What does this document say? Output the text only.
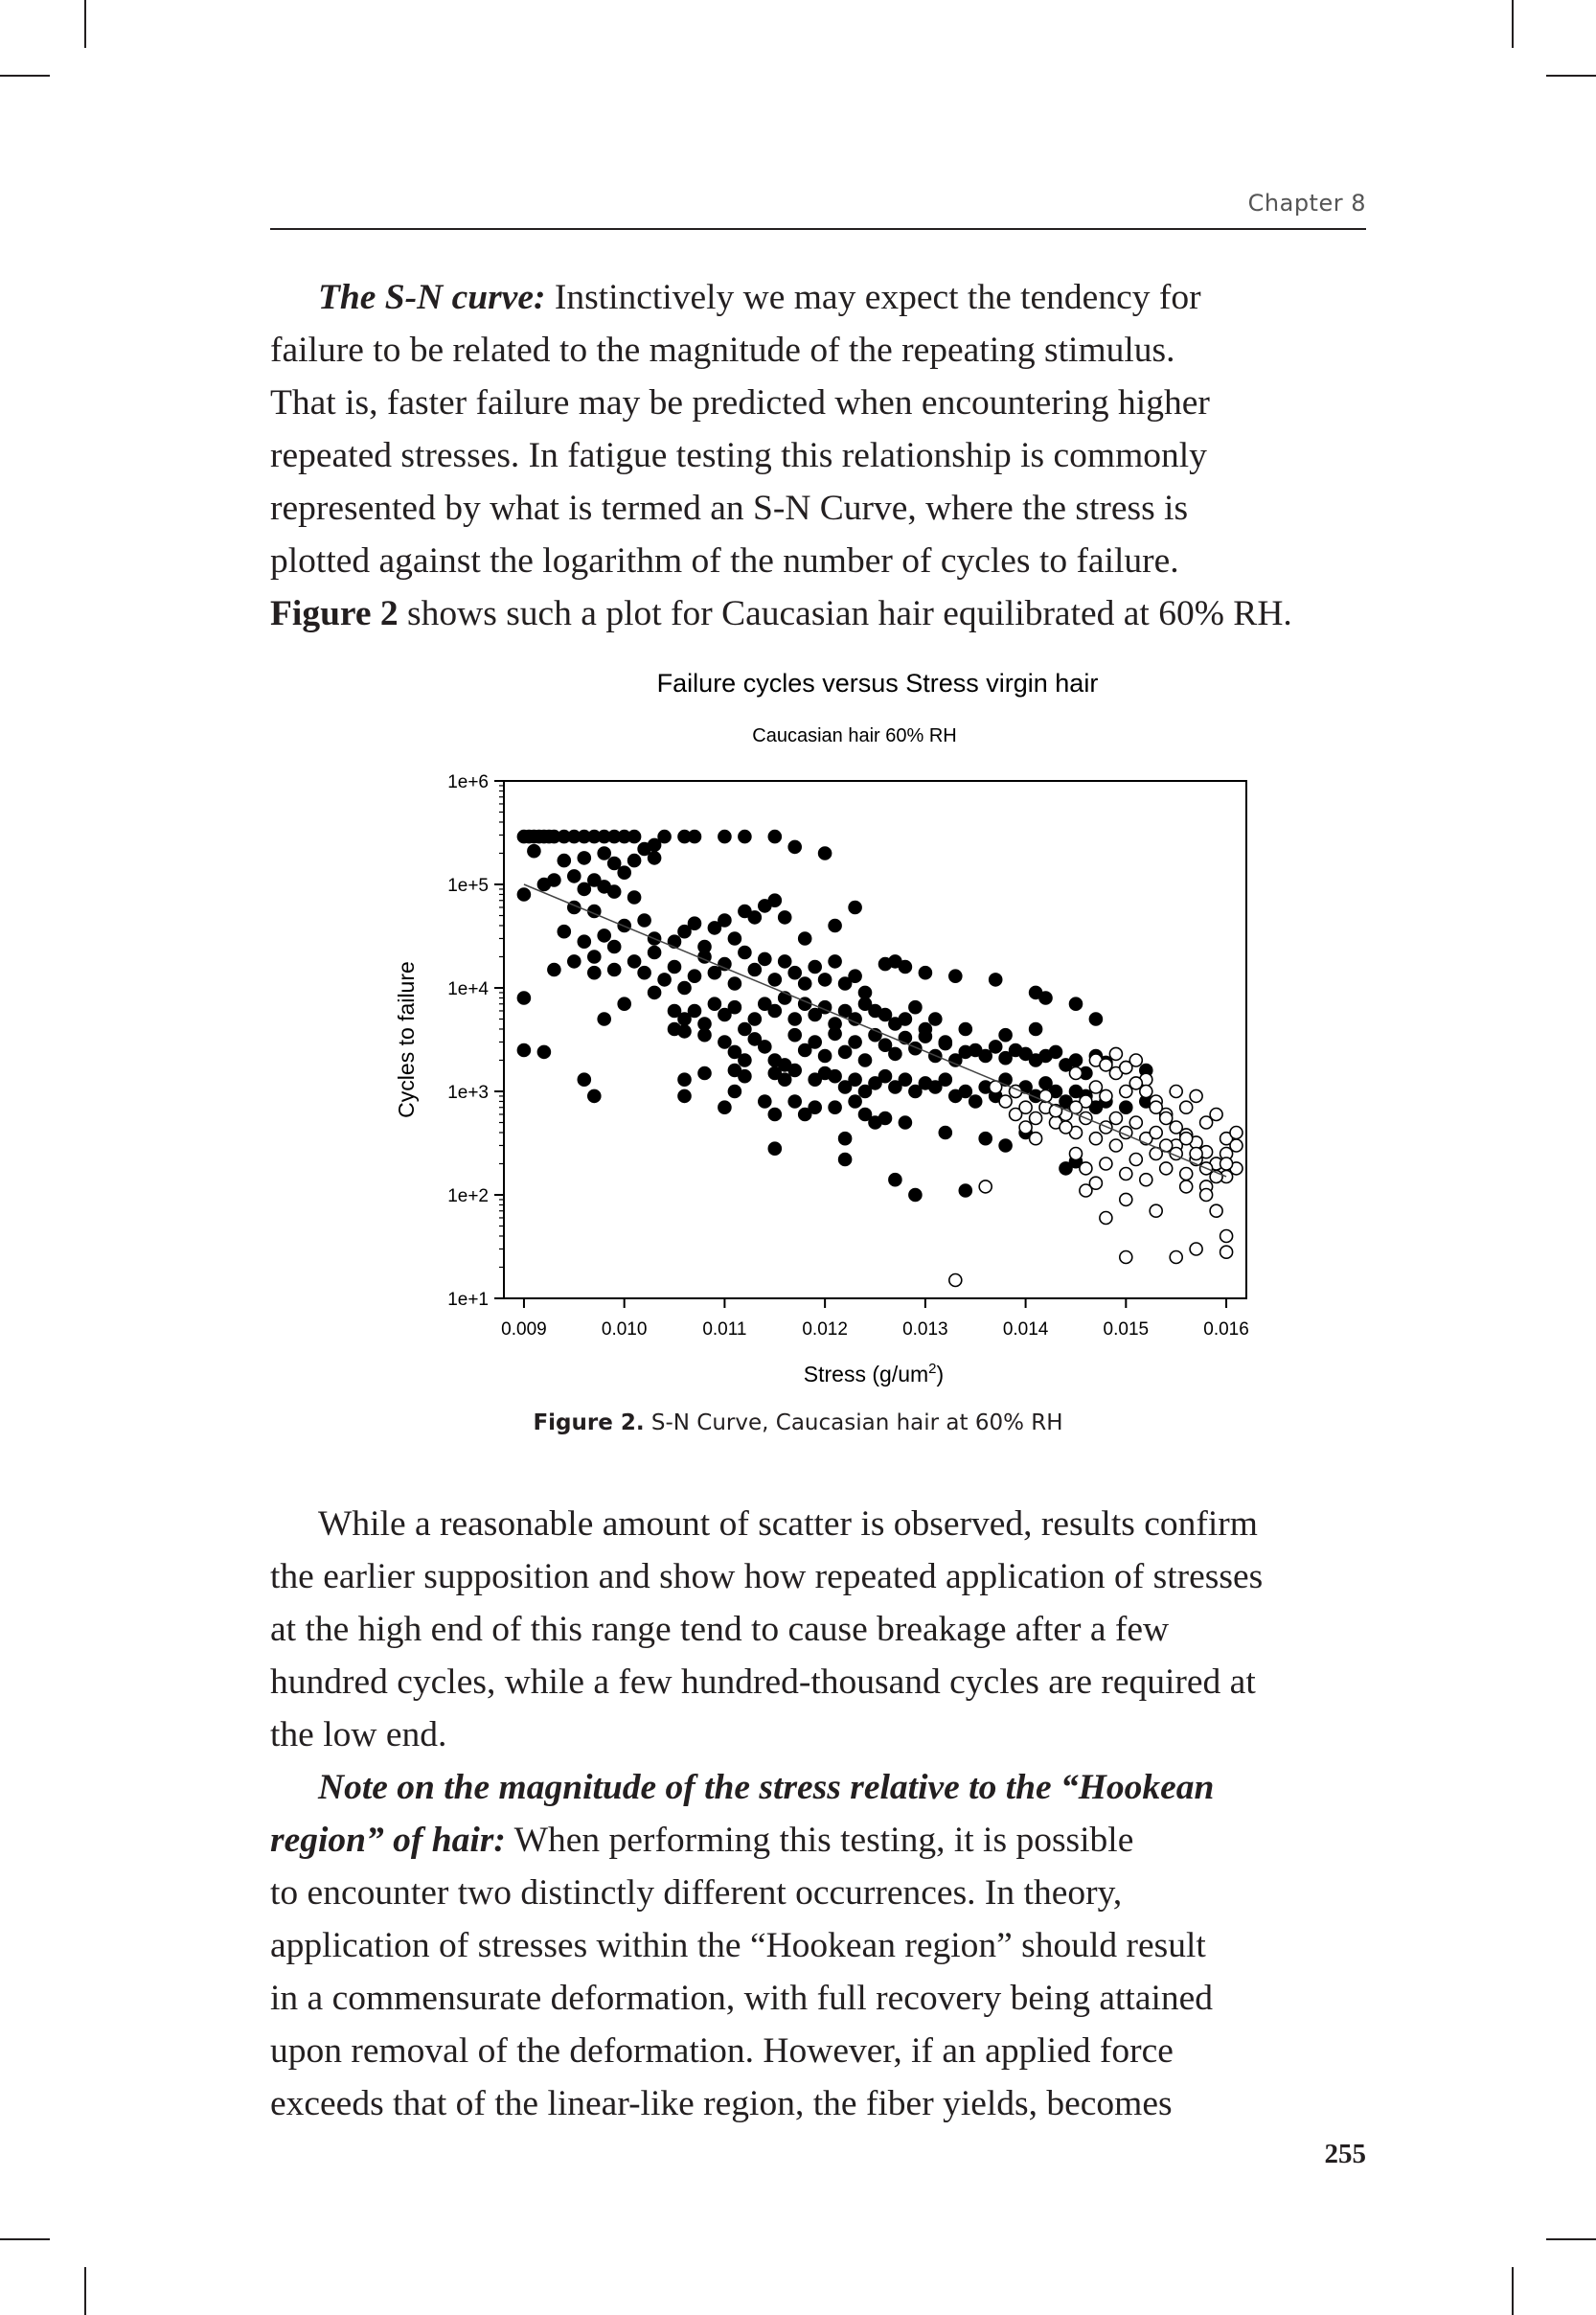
Chapter 8

The S-N curve: Instinctively we may expect the tendency for

failure to be related to the magnitude of the repeating stimulus.

That is, faster failure may be predicted when encountering higher

repeated stresses. In fatigue testing this relationship is commonly

represented by what is termed an S-N Curve, where the stress is

plotted against the logarithm of the number of cycles to failure.

Figure 2 shows such a plot for Caucasian hair equilibrated at 60% RH.

Failure cycles versus Stress virgin hair
Caucasian hair 60% RH
Cycles to failure
Stress $(g/um^2)$
1e+1
1e+2
1e+3
1e+4
1e+5
1e+6
0.009	0.010	0.011	0.012	0.013	0.014	0.015	0.016
Figure 2. S-N Curve, Caucasian hair at 60% RH

While a reasonable amount of scatter is observed, results confirm

the earlier supposition and show how repeated application of stresses

at the high end of this range tend to cause breakage after a few

hundred cycles, while a few hundred-thousand cycles are required at

the low end.

Note on the magnitude of the stress relative to the “Hookean

region” of hair: When performing this testing, it is possible

to encounter two distinctly different occurrences. In theory,

application of stresses within the “Hookean region” should result

in a commensurate deformation, with full recovery being attained

upon removal of the deformation. However, if an applied force

exceeds that of the linear-like region, the fiber yields, becomes

255
